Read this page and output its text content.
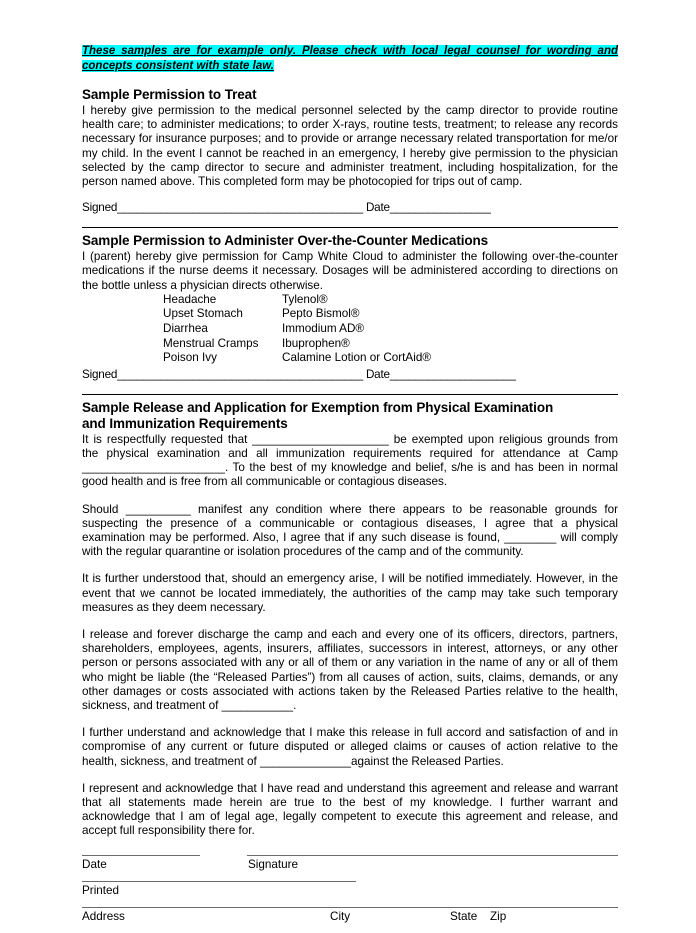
These samples are for example only. Please check with local legal counsel for wording and concepts consistent with state law.

Sample Permission to Treat

I hereby give permission to the medical personnel selected by the camp director to provide routine health care; to administer medications; to order X-rays, routine tests, treatment; to release any records necessary for insurance purposes; and to provide or arrange necessary related transportation for me/or my child. In the event I cannot be reached in an emergency, I hereby give permission to the physician selected by the camp director to secure and administer treatment, including hospitalization, for the person named above. This completed form may be photocopied for trips out of camp.

Signed_______________________________________ Date________________
Sample Permission to Administer Over-the-Counter Medications

I (parent) hereby give permission for Camp White Cloud to administer the following over-the-counter medications if the nurse deems it necessary. Dosages will be administered according to directions on the bottle unless a physician directs otherwise.

Headache	Tylenol®
Upset Stomach	Pepto Bismol®
Diarrhea	Immodium AD®
Menstrual Cramps	Ibuprophen®
Poison Ivy	Calamine Lotion or CortAid®
Signed_______________________________________ Date____________________
Sample Release and Application for Exemption from Physical Examination
and Immunization Requirements

It is respectfully requested that _____________________ be exempted upon religious grounds from the physical examination and all immunization requirements required for attendance at Camp ______________________. To the best of my knowledge and belief, s/he is and has been in normal good health and is free from all communicable or contagious diseases.

Should __________ manifest any condition where there appears to be reasonable grounds for suspecting the presence of a communicable or contagious diseases, I agree that a physical examination may be performed. Also, I agree that if any such disease is found, ________ will comply with the regular quarantine or isolation procedures of the camp and of the community.

It is further understood that, should an emergency arise, I will be notified immediately. However, in the event that we cannot be located immediately, the authorities of the camp may take such temporary measures as they deem necessary.

I release and forever discharge the camp and each and every one of its officers, directors, partners, shareholders, employees, agents, insurers, affiliates, successors in interest, attorneys, or any other person or persons associated with any or all of them or any variation in the name of any or all of them who might be liable (the “Released Parties”) from all causes of action, suits, claims, demands, or any other damages or costs associated with actions taken by the Released Parties relative to the health, sickness, and treatment of ___________.

I further understand and acknowledge that I make this release in full accord and satisfaction of and in compromise of any current or future disputed or alleged claims or causes of action relative to the health, sickness, and treatment of ______________against the Released Parties.

I represent and acknowledge that I have read and understand this agreement and release and warrant that all statements made herein are true to the best of my knowledge. I further warrant and acknowledge that I am of legal age, legally competent to execute this agreement and release, and accept full responsibility there for.

Date	Signature
Printed
Address	City	State Zip
